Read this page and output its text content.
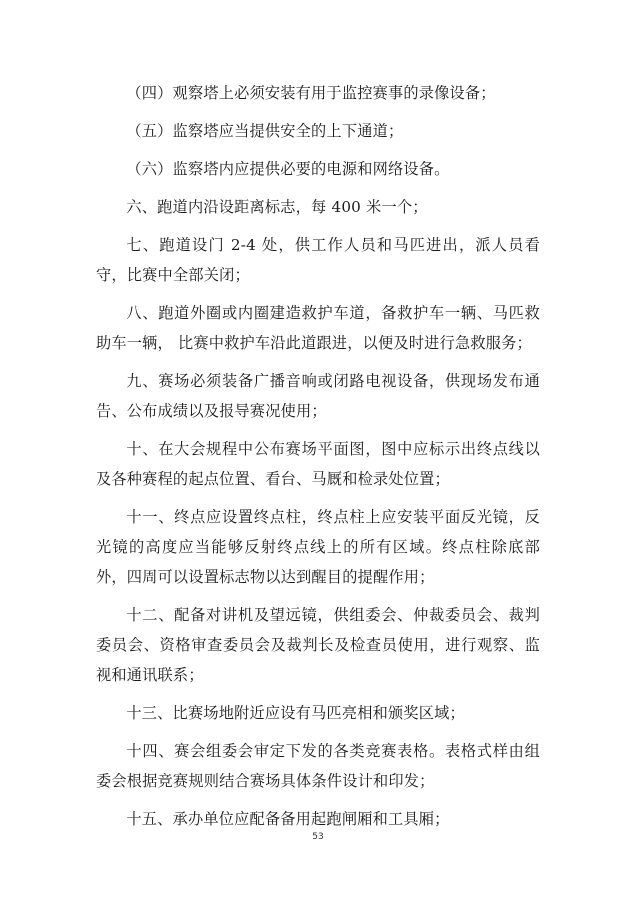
（四）观察塔上必须安装有用于监控赛事的录像设备；

（五）监察塔应当提供安全的上下通道；

（六）监察塔内应提供必要的电源和网络设备。

六、跑道内沿设距离标志，每 400 米一个；

七、跑道设门 2-4 处，供工作人员和马匹进出，派人员看守，比赛中全部关闭；

八、跑道外圈或内圈建造救护车道，备救护车一辆、马匹救助车一辆， 比赛中救护车沿此道跟进，以便及时进行急救服务；

九、赛场必须装备广播音响或闭路电视设备，供现场发布通告、公布成绩以及报导赛况使用；

十、在大会规程中公布赛场平面图，图中应标示出终点线以及各种赛程的起点位置、看台、马厩和检录处位置；

十一、终点应设置终点柱，终点柱上应安装平面反光镜，反光镜的高度应当能够反射终点线上的所有区域。终点柱除底部外，四周可以设置标志物以达到醒目的提醒作用；

十二、配备对讲机及望远镜，供组委会、仲裁委员会、裁判委员会、资格审查委员会及裁判长及检查员使用，进行观察、监视和通讯联系；

十三、比赛场地附近应设有马匹亮相和颁奖区域；

十四、赛会组委会审定下发的各类竞赛表格。表格式样由组委会根据竞赛规则结合赛场具体条件设计和印发；

十五、承办单位应配备备用起跑闸厢和工具厢；

53
